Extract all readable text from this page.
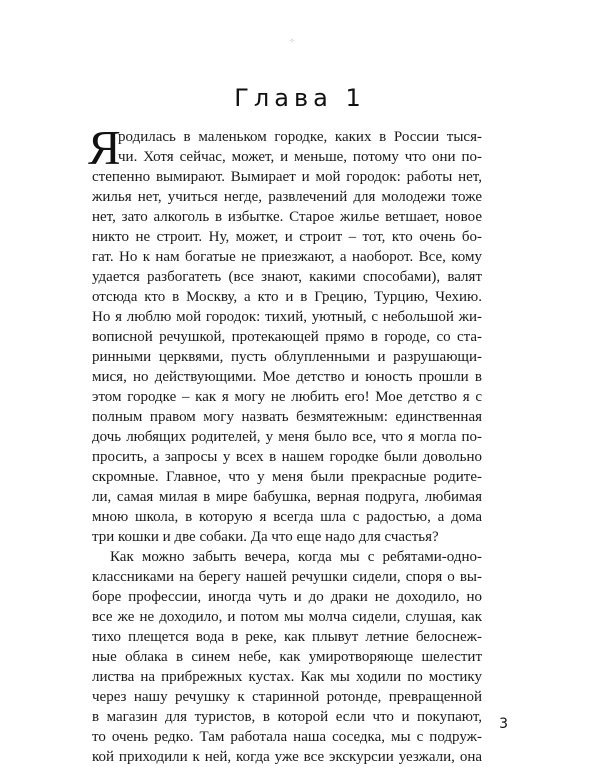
✧
Глава 1
Я
родилась в маленьком городке, каких в России тыся-
чи. Хотя сейчас, может, и меньше, потому что они по-
степенно вымирают. Вымирает и мой городок: работы нет,
жилья нет, учиться негде, развлечений для молодежи тоже
нет, зато алкоголь в избытке. Старое жилье ветшает, новое
никто не строит. Ну, может, и строит – тот, кто очень бо-
гат. Но к нам богатые не приезжают, а наоборот. Все, кому
удается разбогатеть (все знают, какими способами), валят
отсюда кто в Москву, а кто и в Грецию, Турцию, Чехию.
Но я люблю мой городок: тихий, уютный, с небольшой жи-
вописной речушкой, протекающей прямо в городе, со ста-
ринными церквями, пусть облупленными и разрушающи-
мися, но действующими. Мое детство и юность прошли в
этом городке – как я могу не любить его! Мое детство я с
полным правом могу назвать безмятежным: единственная
дочь любящих родителей, у меня было все, что я могла по-
просить, а запросы у всех в нашем городке были довольно
скромные. Главное, что у меня были прекрасные родите-
ли, самая милая в мире бабушка, верная подруга, любимая
мною школа, в которую я всегда шла с радостью, а дома
три кошки и две собаки. Да что еще надо для счастья?
Как можно забыть вечера, когда мы с ребятами-одно-
классниками на берегу нашей речушки сидели, споря о вы-
боре профессии, иногда чуть и до драки не доходило, но
все же не доходило, и потом мы молча сидели, слушая, как
тихо плещется вода в реке, как плывут летние белоснеж-
ные облака в синем небе, как умиротворяюще шелестит
листва на прибрежных кустах. Как мы ходили по мостику
через нашу речушку к старинной ротонде, превращенной
в магазин для туристов, в которой если что и покупают,
то очень редко. Там работала наша соседка, мы с подруж-
кой приходили к ней, когда уже все экскурсии уезжали, она
3
